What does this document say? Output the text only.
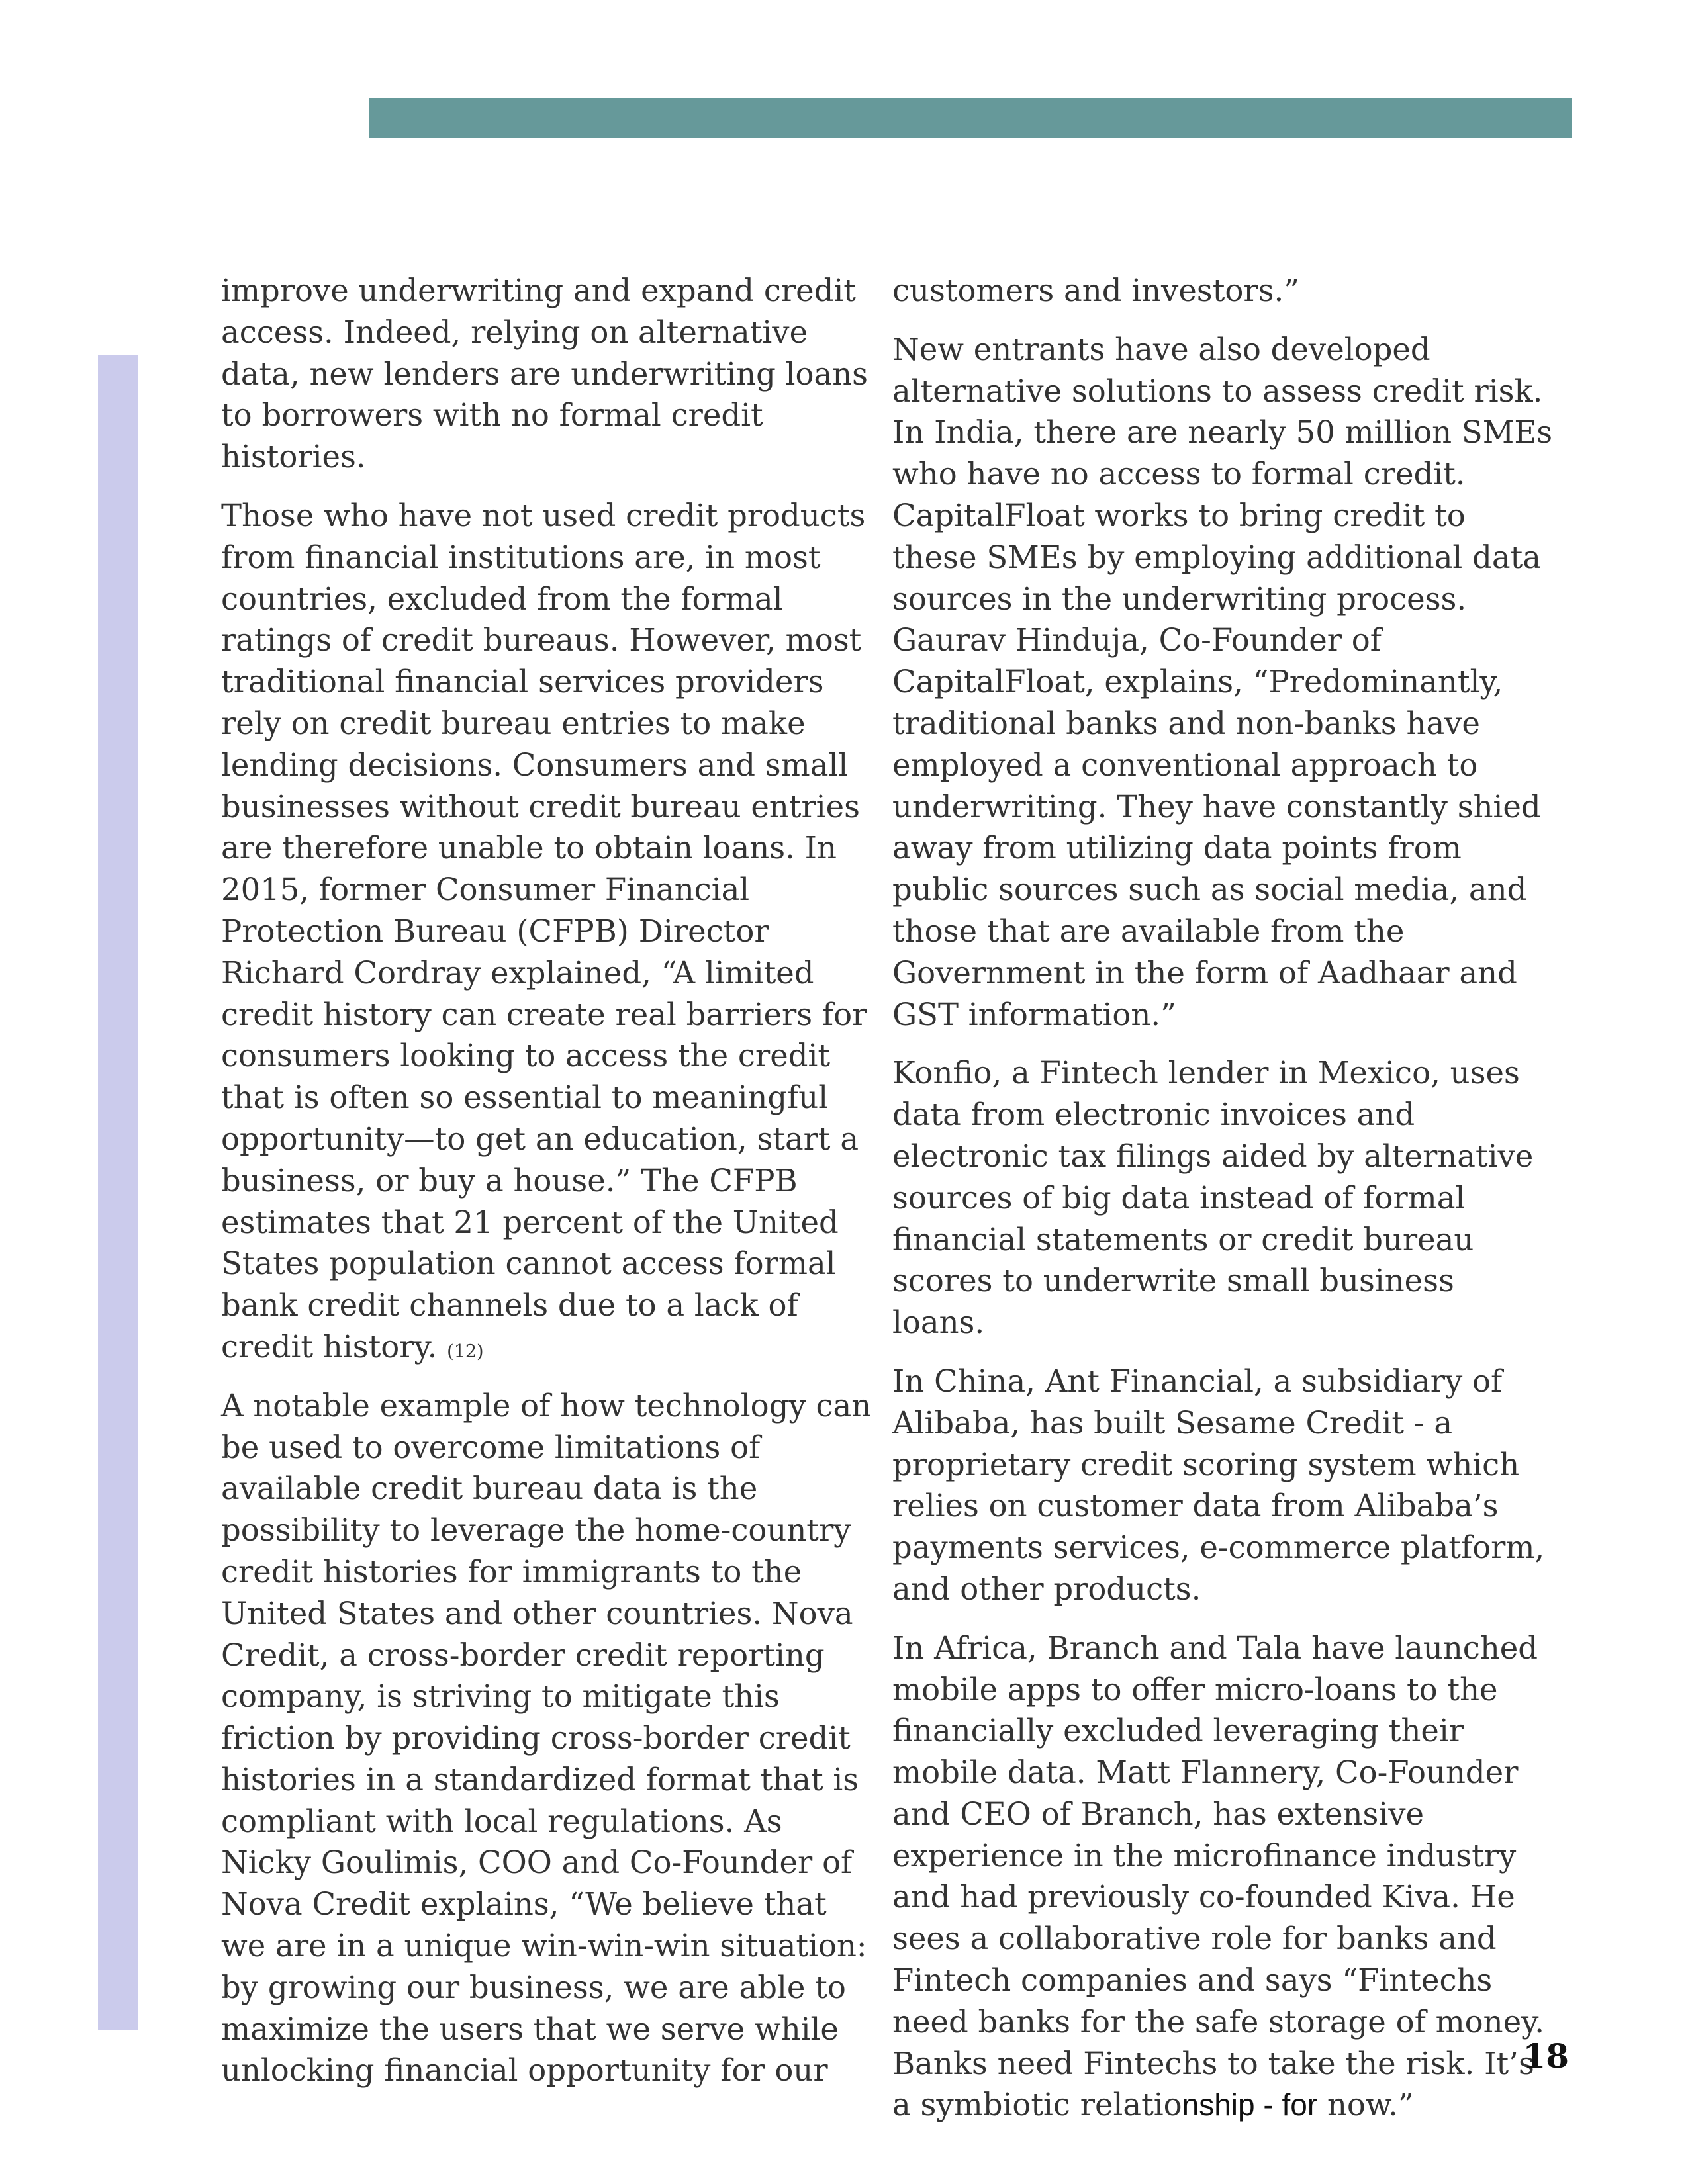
improve underwriting and expand credit access. Indeed, relying on alternative data, new lenders are underwriting loans to borrowers with no formal credit histories.

Those who have not used credit products from financial institutions are, in most countries, excluded from the formal ratings of credit bureaus. However, most traditional financial services providers rely on credit bureau entries to make lending decisions. Consumers and small businesses without credit bureau entries are therefore unable to obtain loans. In 2015, former Consumer Financial Protection Bureau (CFPB) Director Richard Cordray explained, “A limited credit history can create real barriers for consumers looking to access the credit that is often so essential to meaningful opportunity—to get an education, start a business, or buy a house.” The CFPB estimates that 21 percent of the United States population cannot access formal bank credit channels due to a lack of credit history. (12)

A notable example of how technology can be used to overcome limitations of available credit bureau data is the possibility to leverage the home-country credit histories for immigrants to the United States and other countries. Nova Credit, a cross-border credit reporting company, is striving to mitigate this friction by providing cross-border credit histories in a standardized format that is compliant with local regulations. As Nicky Goulimis, COO and Co-Founder of Nova Credit explains, “We believe that we are in a unique win-win-win situation: by growing our business, we are able to maximize the users that we serve while unlocking financial opportunity for our

customers and investors.”

New entrants have also developed alternative solutions to assess credit risk. In India, there are nearly 50 million SMEs who have no access to formal credit. CapitalFloat works to bring credit to these SMEs by employing additional data sources in the underwriting process. Gaurav Hinduja, Co-Founder of CapitalFloat, explains, “Predominantly, traditional banks and non-banks have employed a conventional approach to underwriting. They have constantly shied away from utilizing data points from public sources such as social media, and those that are available from the Government in the form of Aadhaar and GST information.”

Konfio, a Fintech lender in Mexico, uses data from electronic invoices and electronic tax filings aided by alternative sources of big data instead of formal financial statements or credit bureau scores to underwrite small business loans.

In China, Ant Financial, a subsidiary of Alibaba, has built Sesame Credit - a proprietary credit scoring system which relies on customer data from Alibaba’s payments services, e-commerce platform, and other products.

In Africa, Branch and Tala have launched mobile apps to offer micro-loans to the financially excluded leveraging their mobile data. Matt Flannery, Co-Founder and CEO of Branch, has extensive experience in the microfinance industry and had previously co-founded Kiva. He sees a collaborative role for banks and Fintech companies and says “Fintechs need banks for the safe storage of money. Banks need Fintechs to take the risk. It’s a symbiotic relationship - for now.”

18
